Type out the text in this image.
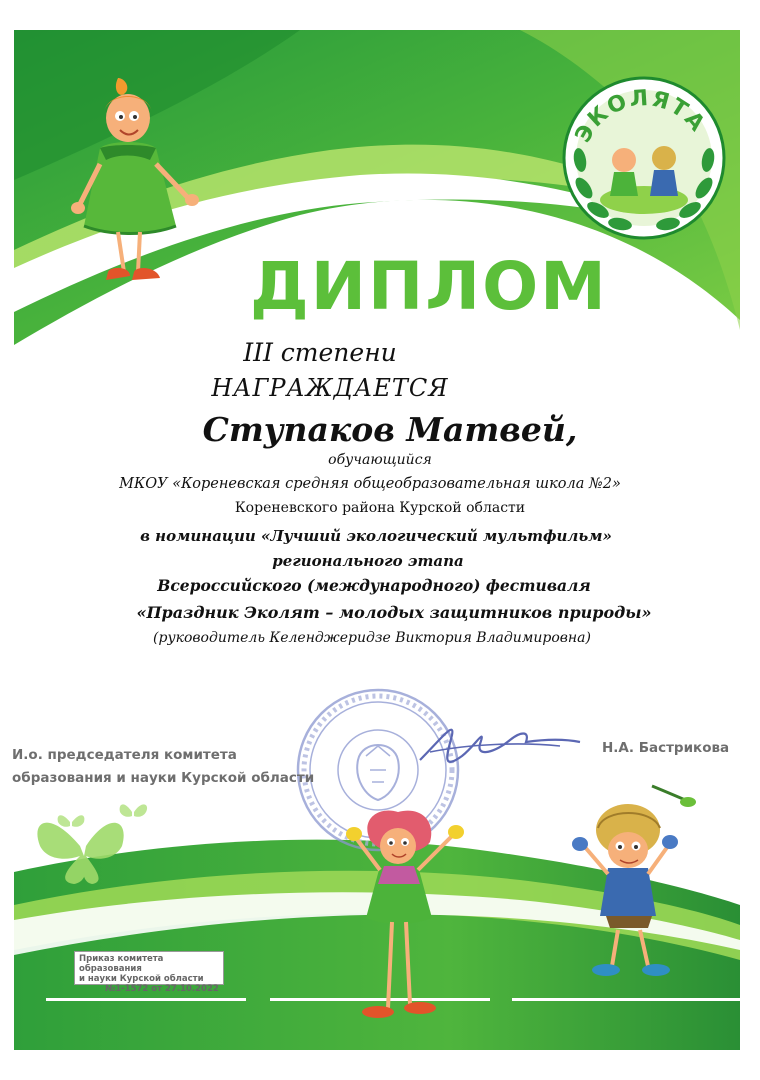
ЭКОЛЯТА
ДИПЛОМ
III степени
НАГРАЖДАЕТСЯ
Ступаков Матвей,
обучающийся
МКОУ «Кореневская средняя общеобразовательная школа №2»
Кореневского района Курской области
в номинации «Лучший экологический мультфильм»
регионального этапа
Всероссийского (международного) фестиваля
«Праздник Эколят – молодых защитников природы»
(руководитель Келенджеридзе Виктория Владимировна)
И.о. председателя комитета
образования и науки Курской области
Н.А. Бастрикова
Приказ комитета образования
и науки Курской области
№1-1572 от 27.10.2022
